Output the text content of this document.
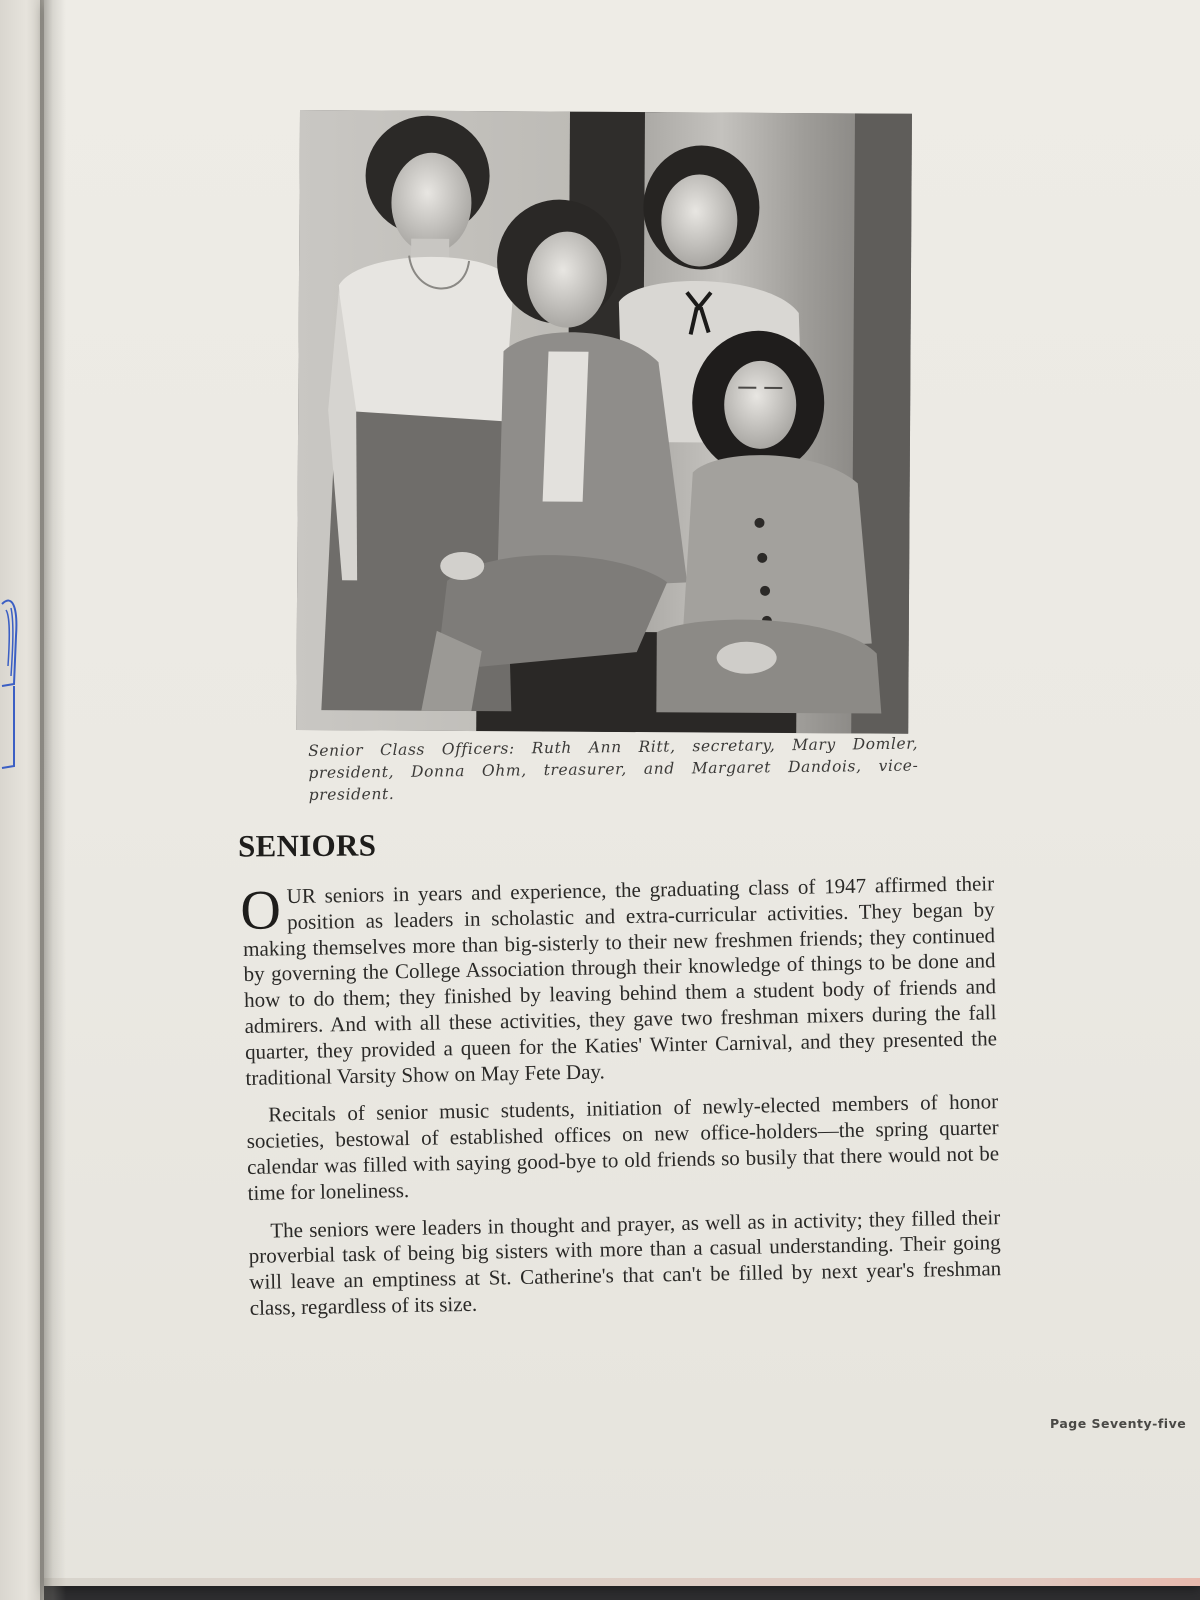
Senior Class Officers: Ruth Ann Ritt, secretary, Mary Domler, president, Donna Ohm, treasurer, and Margaret Dandois, vice-president.
SENIORS

OUR seniors in years and experience, the graduating class of 1947 affirmed their position as leaders in scholastic and extra-curricular activities. They began by making themselves more than big-sisterly to their new freshmen friends; they continued by governing the College Association through their knowledge of things to be done and how to do them; they finished by leaving behind them a student body of friends and admirers. And with all these activities, they gave two freshman mixers during the fall quarter, they provided a queen for the Katies' Winter Carnival, and they presented the traditional Varsity Show on May Fete Day.

Recitals of senior music students, initiation of newly-elected members of honor societies, bestowal of established offices on new office-holders—the spring quarter calendar was filled with saying good-bye to old friends so busily that there would not be time for loneliness.

The seniors were leaders in thought and prayer, as well as in activity; they filled their proverbial task of being big sisters with more than a casual understanding. Their going will leave an emptiness at St. Catherine's that can't be filled by next year's freshman class, regardless of its size.

Page Seventy-five
